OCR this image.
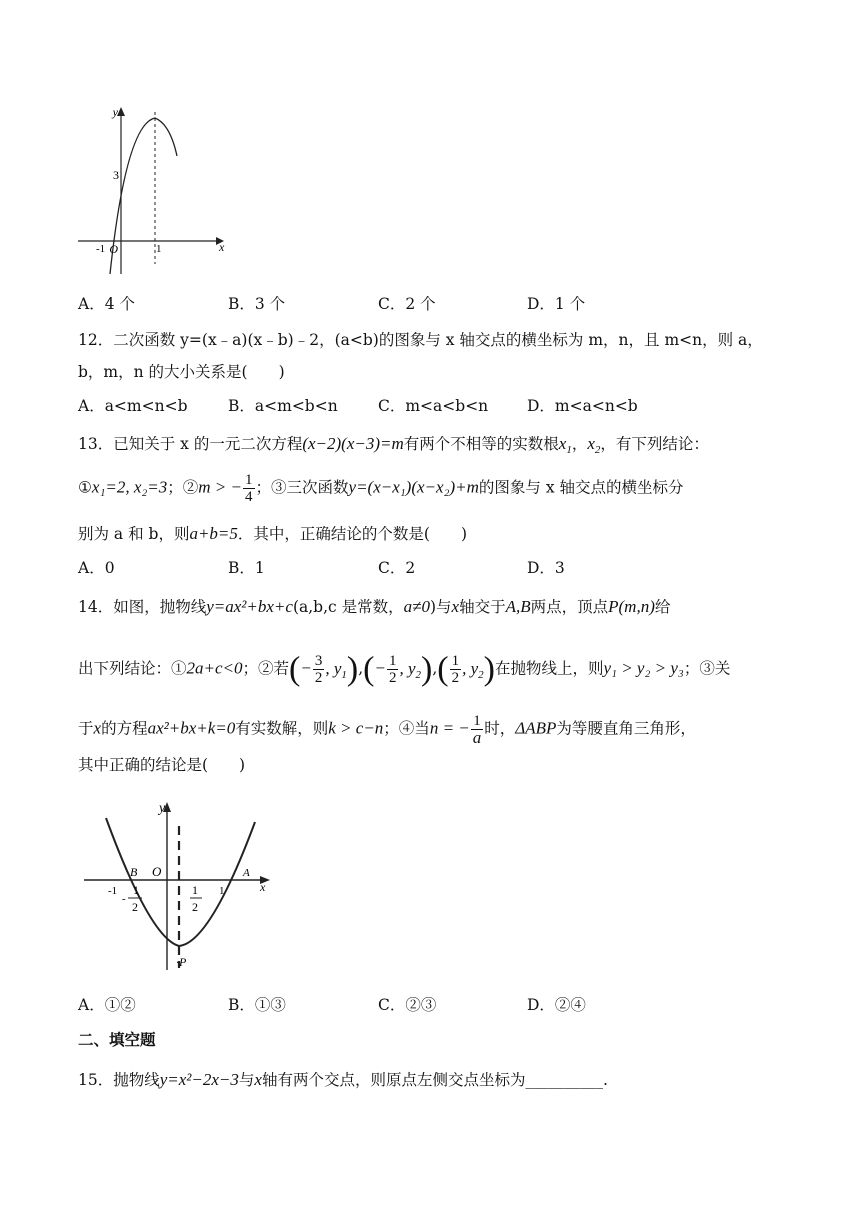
y
x
3
-1 O	1
A．4 个	B．3 个	C．2 个	D．1 个
12．二次函数 y=(x﹣a)(x﹣b)﹣2，(a<b)的图象与 x 轴交点的横坐标为 m，n，且 m<n，则 a，
b，m，n 的大小关系是(　　)
A．a<m<n<b	B．a<m<b<n	C．m<a<b<n	D．m<a<n<b
13．已知关于 x 的一元二次方程(x−2)(x−3)=m有两个不相等的实数根$x_1$，$x_2$，有下列结论：
①x₁=2, x₂=3；②m > − $\frac{1}{4}$ ；③三次函数y=(x−x₁)(x−x₂)+m的图象与 x 轴交点的横坐标分
别为 a 和 b，则a+b=5．其中，正确结论的个数是(　　)
A．0	B．1	C．2	D．3
14．如图，抛物线y=ax²+bx+c(a,b,c 是常数，a≠0)与x轴交于A,B两点，顶点P(m,n)给
出下列结论：①2a+c<0；②若(− $\frac{3}{2}$ , $y_1),(- \frac{1}{2}$ , $y_2),( \frac{1}{2}$ , $y_2$)在抛物线上，则y₁ > y₂ > y₃；③关
于x的方程ax²+bx+k=0有实数解，则k > c−n；④当n = − $\frac{1}{a}$ 时，ΔABP为等腰直角三角形，
其中正确的结论是(　　)
y
x
B O	A
-1	1
1
-
2
1
2
·P
A．①②	B．①③	C．②③	D．②④
二、填空题
15．抛物线y=x²−2x−3与x轴有两个交点，则原点左侧交点坐标为__________.
